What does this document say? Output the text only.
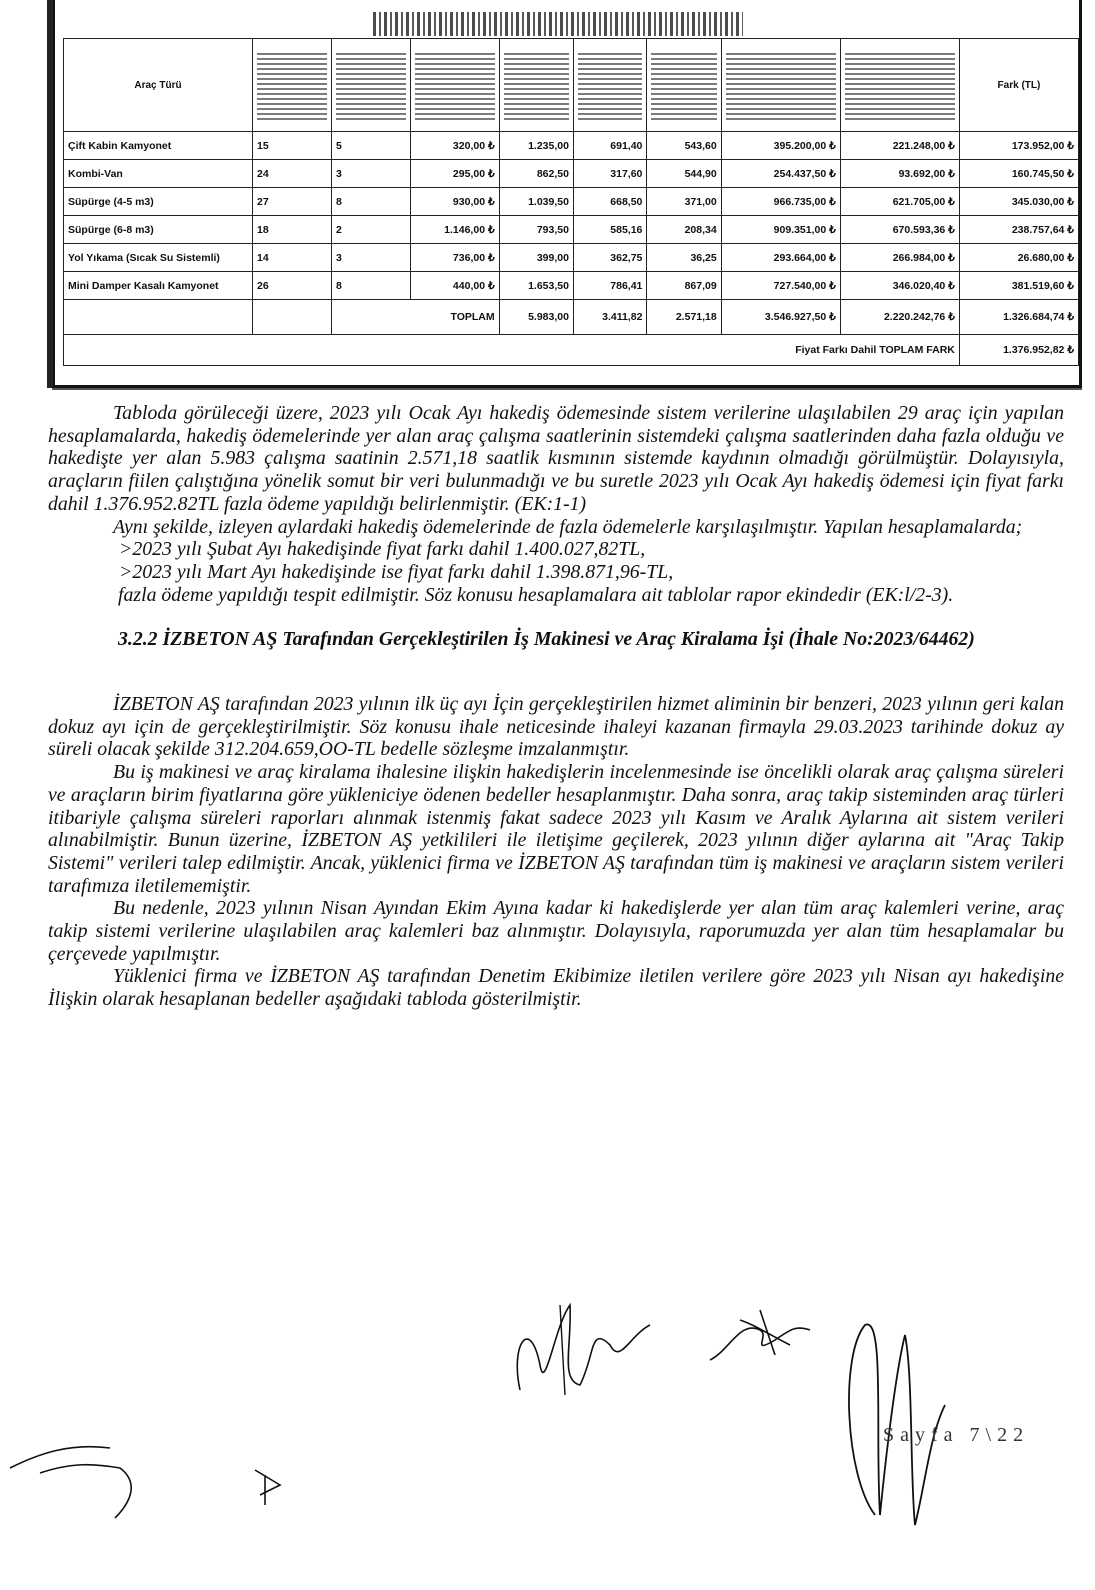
Araç Türü									Fark (TL)
Çift Kabin Kamyonet	15	5	320,00 ₺	1.235,00	691,40	543,60	395.200,00 ₺	221.248,00 ₺	173.952,00 ₺
Kombi-Van	24	3	295,00 ₺	862,50	317,60	544,90	254.437,50 ₺	93.692,00 ₺	160.745,50 ₺
Süpürge (4-5 m3)	27	8	930,00 ₺	1.039,50	668,50	371,00	966.735,00 ₺	621.705,00 ₺	345.030,00 ₺
Süpürge (6-8 m3)	18	2	1.146,00 ₺	793,50	585,16	208,34	909.351,00 ₺	670.593,36 ₺	238.757,64 ₺
Yol Yıkama (Sıcak Su Sistemli)	14	3	736,00 ₺	399,00	362,75	36,25	293.664,00 ₺	266.984,00 ₺	26.680,00 ₺
Mini Damper Kasalı Kamyonet	26	8	440,00 ₺	1.653,50	786,41	867,09	727.540,00 ₺	346.020,40 ₺	381.519,60 ₺
		TOPLAM		5.983,00	3.411,82	2.571,18	3.546.927,50 ₺	2.220.242,76 ₺	1.326.684,74 ₺
Fiyat Farkı Dahil TOPLAM FARK									1.376.952,82 ₺

Tabloda görüleceği üzere, 2023 yılı Ocak Ayı hakediş ödemesinde sistem verilerine ulaşılabilen 29 araç için yapılan hesaplamalarda, hakediş ödemelerinde yer alan araç çalışma saatlerinin sistemdeki çalışma saatlerinden daha fazla olduğu ve hakedişte yer alan 5.983 çalışma saatinin 2.571,18 saatlik kısmının sistemde kaydının olmadığı görülmüştür. Dolayısıyla, araçların fiilen çalıştığına yönelik somut bir veri bulunmadığı ve bu suretle 2023 yılı Ocak Ayı hakediş ödemesi için fiyat farkı dahil 1.376.952.82TL fazla ödeme yapıldığı belirlenmiştir. (EK:1-1)

Aynı şekilde, izleyen aylardaki hakediş ödemelerinde de fazla ödemelerle karşılaşılmıştır. Yapılan hesaplamalarda;

>2023 yılı Şubat Ayı hakedişinde fiyat farkı dahil 1.400.027,82TL,

>2023 yılı Mart Ayı hakedişinde ise fiyat farkı dahil 1.398.871,96-TL,

fazla ödeme yapıldığı tespit edilmiştir. Söz konusu hesaplamalara ait tablolar rapor ekindedir (EK:l/2-3).

3.2.2 İZBETON AŞ Tarafından Gerçekleştirilen İş Makinesi ve Araç Kiralama İşi (İhale No:2023/64462)

İZBETON AŞ tarafından 2023 yılının ilk üç ayı İçin gerçekleştirilen hizmet aliminin bir benzeri, 2023 yılının geri kalan dokuz ayı için de gerçekleştirilmiştir. Söz konusu ihale neticesinde ihaleyi kazanan firmayla 29.03.2023 tarihinde dokuz ay süreli olacak şekilde 312.204.659,OO-TL bedelle sözleşme imzalanmıştır.

Bu iş makinesi ve araç kiralama ihalesine ilişkin hakedişlerin incelenmesinde ise öncelikli olarak araç çalışma süreleri ve araçların birim fiyatlarına göre yükleniciye ödenen bedeller hesaplanmıştır. Daha sonra, araç takip sisteminden araç türleri itibariyle çalışma süreleri raporları alınmak istenmiş fakat sadece 2023 yılı Kasım ve Aralık Aylarına ait sistem verileri alınabilmiştir. Bunun üzerine, İZBETON AŞ yetkilileri ile iletişime geçilerek, 2023 yılının diğer aylarına ait "Araç Takip Sistemi" verileri talep edilmiştir. Ancak, yüklenici firma ve İZBETON AŞ tarafından tüm iş makinesi ve araçların sistem verileri tarafımıza iletilememiştir.

Bu nedenle, 2023 yılının Nisan Ayından Ekim Ayına kadar ki hakedişlerde yer alan tüm araç kalemleri verine, araç takip sistemi verilerine ulaşılabilen araç kalemleri baz alınmıştır. Dolayısıyla, raporumuzda yer alan tüm hesaplamalar bu çerçevede yapılmıştır.

Yüklenici firma ve İZBETON AŞ tarafından Denetim Ekibimize iletilen verilere göre 2023 yılı Nisan ayı hakedişine İlişkin olarak hesaplanan bedeller aşağıdaki tabloda gösterilmiştir.

Sayfa 7\22
